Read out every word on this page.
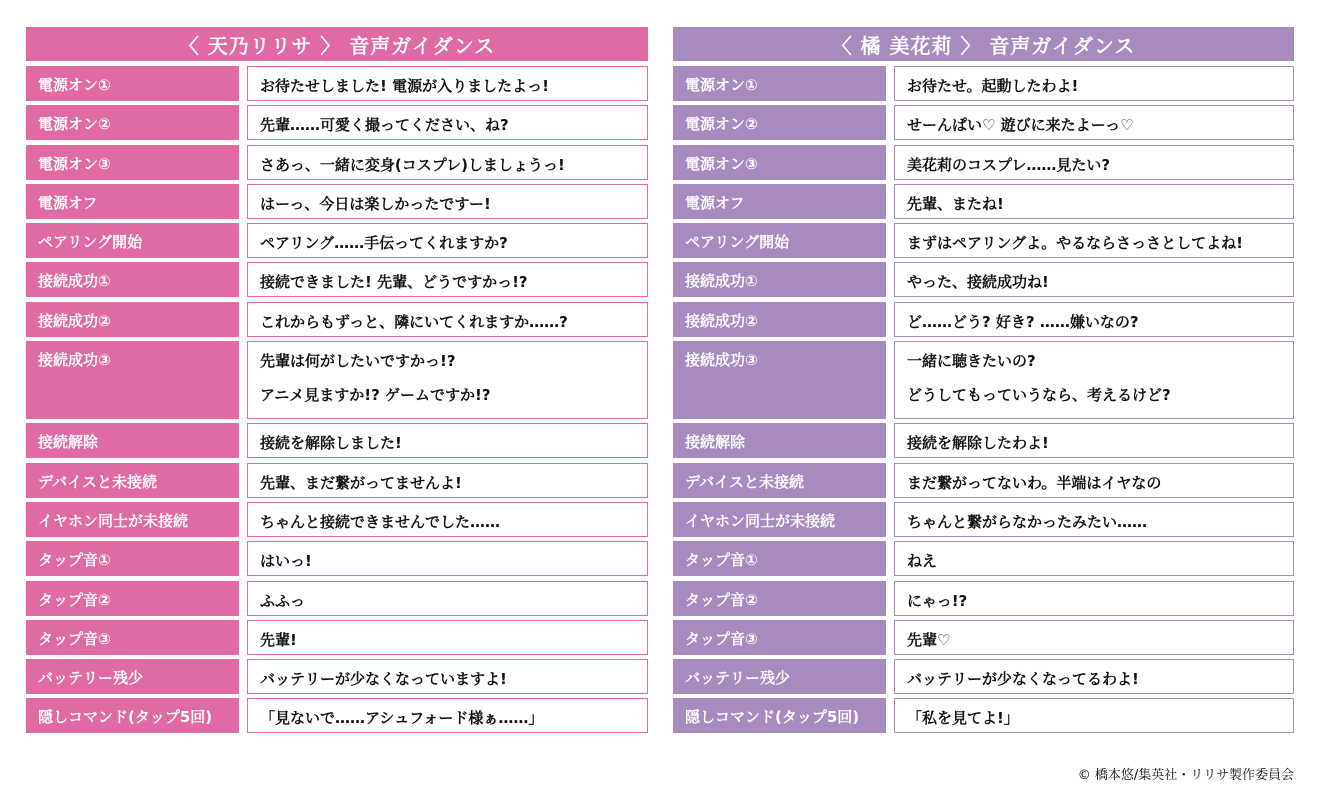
〈 天乃リリサ 〉 音声ガイダンス
電源オン①	お待たせしました! 電源が入りましたよっ!
電源オン②	先輩……可愛く撮ってください、ね?
電源オン③	さあっ、一緒に変身(コスプレ)しましょうっ!
電源オフ	はーっ、今日は楽しかったですー!
ペアリング開始	ペアリング……手伝ってくれますか?
接続成功①	接続できました! 先輩、どうですかっ!?
接続成功②	これからもずっと、隣にいてくれますか……?
接続成功③	先輩は何がしたいですかっ!?
アニメ見ますか!? ゲームですか!?
接続解除	接続を解除しました!
デバイスと未接続	先輩、まだ繋がってませんよ!
イヤホン同士が未接続	ちゃんと接続できませんでした……
タップ音①	はいっ!
タップ音②	ふふっ
タップ音③	先輩!
バッテリー残少	バッテリーが少なくなっていますよ!
隠しコマンド(タップ5回)	「見ないで……アシュフォード様ぁ……」
〈 橘 美花莉 〉 音声ガイダンス
電源オン①	お待たせ。起動したわよ!
電源オン②	せーんぱい♡ 遊びに来たよーっ♡
電源オン③	美花莉のコスプレ……見たい?
電源オフ	先輩、またね!
ペアリング開始	まずはペアリングよ。やるならさっさとしてよね!
接続成功①	やった、接続成功ね!
接続成功②	ど……どう? 好き? ……嫌いなの?
接続成功③	一緒に聴きたいの?
どうしてもっていうなら、考えるけど?
接続解除	接続を解除したわよ!
デバイスと未接続	まだ繋がってないわ。半端はイヤなの
イヤホン同士が未接続	ちゃんと繋がらなかったみたい……
タップ音①	ねえ
タップ音②	にゃっ!?
タップ音③	先輩♡
バッテリー残少	バッテリーが少なくなってるわよ!
隠しコマンド(タップ5回)	「私を見てよ!」
© 橋本悠/集英社・リリサ製作委員会
